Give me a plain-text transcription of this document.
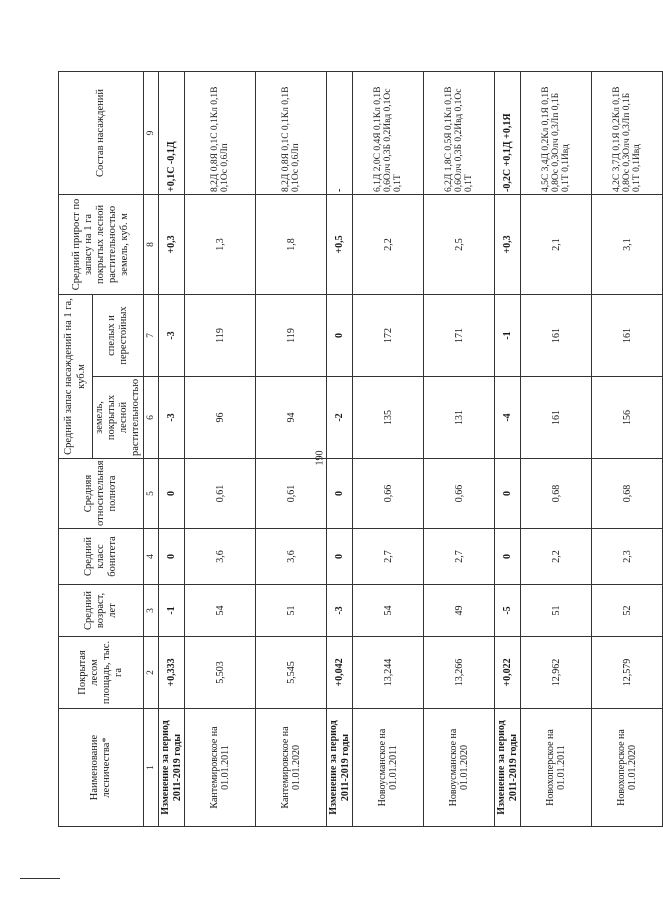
190
Наименование лесничества*	Покрытая лесом площадь, тыс. га	Средний возраст, лет	Средний класс бонитета	Средняя относительная полнота	Средний запас насаждений на 1 га, куб.м		Средний прирост по запасу на 1 га покрытых лесной растительностью земель, куб. м	Состав насаждений
					земель, покрытых лесной растительностью	спелых и перестойных		
1	2	3	4	5	6	7	8	9
Изменение за период 2011-2019 годы	+0,333	-1	0	0	-3	-3	+0,3	+0,1С -0,1Д
Кантемировское на 01.01.2011	5,503	54	3,6	0,61	96	119	1,3	8,2Д 0,8Я 0,1С 0,1Кл 0,1В 0,1Ос 0,6Лп
Кантемировское на 01.01.2020	5,545	51	3,6	0,61	94	119	1,8	8,2Д 0,8Я 0,1С 0,1Кл 0,1В 0,1Ос 0,6Лп
Изменение за период 2011-2019 годы	+0,042	-3	0	0	-2	0	+0,5	-
Новоусманское на 01.01.2011	13,244	54	2,7	0,66	135	172	2,2	6,1Д 2,0С 0,4Я 0,1Кл 0,1В 0,6Олч 0,3Б 0,2Ивд 0,1Ос 0,1Т
Новоусманское на 01.01.2020	13,266	49	2,7	0,66	131	171	2,5	6,2Д 1,8С 0,5Я 0,1Кл 0,1В 0,6Олч 0,3Б 0,2Ивд 0,1Ос 0,1Т
Изменение за период 2011-2019 годы	+0,022	-5	0	0	-4	-1	+0,3	-0,2С +0,1Д +0,1Я
Новохоперское на 01.01.2011	12,962	51	2,2	0,68	161	161	2,1	4,5С 3,4Д 0,2Кл 0,1Я 0,1В 0,8Ос 0,3Олч 0,3Лп 0,1Б 0,1Т 0,1Ивд
Новохоперское на 01.01.2020	12,579	52	2,3	0,68	156	161	3,1	4,2С 3,7Д 0,1Я 0,2Кл 0,1В 0,8Ос 0,3Олч 0,3Лп 0,1Б 0,1Т 0,1Ивд
